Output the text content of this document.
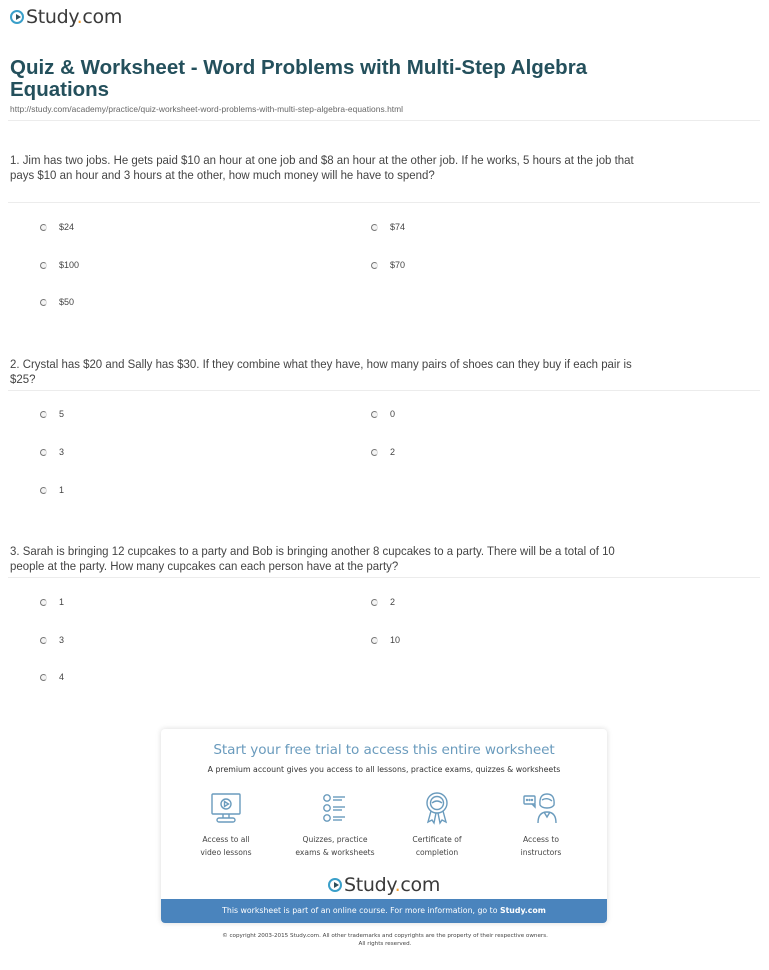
Study.com
Quiz & Worksheet - Word Problems with Multi-Step Algebra Equations
http://study.com/academy/practice/quiz-worksheet-word-problems-with-multi-step-algebra-equations.html
1. Jim has two jobs. He gets paid $10 an hour at one job and $8 an hour at the other job. If he works, 5 hours at the job that pays $10 an hour and 3 hours at the other, how much money will he have to spend?
$24	$74
$100	$70
$50
2. Crystal has $20 and Sally has $30. If they combine what they have, how many pairs of shoes can they buy if each pair is $25?
5	0
3	2
1
3. Sarah is bringing 12 cupcakes to a party and Bob is bringing another 8 cupcakes to a party. There will be a total of 10 people at the party. How many cupcakes can each person have at the party?
1	2
3	10
4
Start your free trial to access this entire worksheet
A premium account gives you access to all lessons, practice exams, quizzes & worksheets
Access to all
video lessons
Quizzes, practice
exams & worksheets
Certificate of
completion
Access to
instructors
Study.com
This worksheet is part of an online course. For more information, go to Study.com
© copyright 2003-2015 Study.com. All other trademarks and copyrights are the property of their respective owners.
All rights reserved.
